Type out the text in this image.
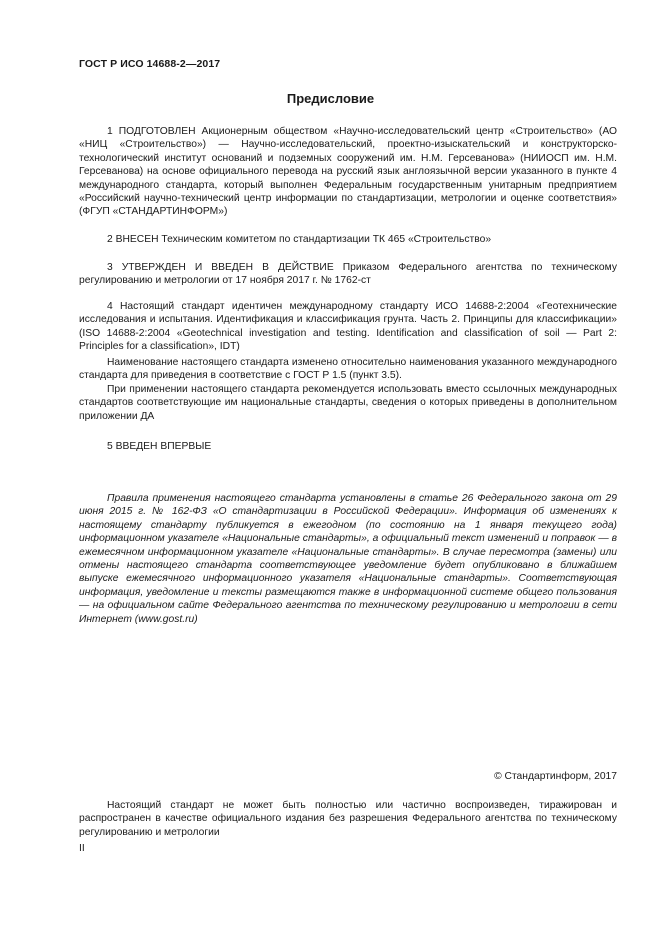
ГОСТ Р ИСО 14688-2—2017
Предисловие

1 ПОДГОТОВЛЕН Акционерным обществом «Научно-исследовательский центр «Строительство» (АО «НИЦ «Строительство») — Научно-исследовательский, проектно-изыскательский и конструкторско-технологический институт оснований и подземных сооружений им. Н.М. Герсеванова» (НИИОСП им. Н.М. Герсеванова) на основе официального перевода на русский язык англоязычной версии указанного в пункте 4 международного стандарта, который выполнен Федеральным государственным унитарным предприятием «Российский научно-технический центр информации по стандартизации, метрологии и оценке соответствия» (ФГУП «СТАНДАРТИНФОРМ»)

2 ВНЕСЕН Техническим комитетом по стандартизации ТК 465 «Строительство»

3 УТВЕРЖДЕН И ВВЕДЕН В ДЕЙСТВИЕ Приказом Федерального агентства по техническому регулированию и метрологии от 17 ноября 2017 г. № 1762-ст

4 Настоящий стандарт идентичен международному стандарту ИСО 14688-2:2004 «Геотехнические исследования и испытания. Идентификация и классификация грунта. Часть 2. Принципы для классификации» (ISO 14688-2:2004 «Geotechnical investigation and testing. Identification and classification of soil — Part 2: Principles for a classification», IDT)

Наименование настоящего стандарта изменено относительно наименования указанного международного стандарта для приведения в соответствие с ГОСТ Р 1.5 (пункт 3.5).

При применении настоящего стандарта рекомендуется использовать вместо ссылочных международных стандартов соответствующие им национальные стандарты, сведения о которых приведены в дополнительном приложении ДА

5 ВВЕДЕН ВПЕРВЫЕ

Правила применения настоящего стандарта установлены в статье 26 Федерального закона от 29 июня 2015 г. № 162-ФЗ «О стандартизации в Российской Федерации». Информация об изменениях к настоящему стандарту публикуется в ежегодном (по состоянию на 1 января текущего года) информационном указателе «Национальные стандарты», а официальный текст изменений и поправок — в ежемесячном информационном указателе «Национальные стандарты». В случае пересмотра (замены) или отмены настоящего стандарта соответствующее уведомление будет опубликовано в ближайшем выпуске ежемесячного информационного указателя «Национальные стандарты». Соответствующая информация, уведомление и тексты размещаются также в информационной системе общего пользования — на официальном сайте Федерального агентства по техническому регулированию и метрологии в сети Интернет (www.gost.ru)

© Стандартинформ, 2017

Настоящий стандарт не может быть полностью или частично воспроизведен, тиражирован и распространен в качестве официального издания без разрешения Федерального агентства по техническому регулированию и метрологии

II
